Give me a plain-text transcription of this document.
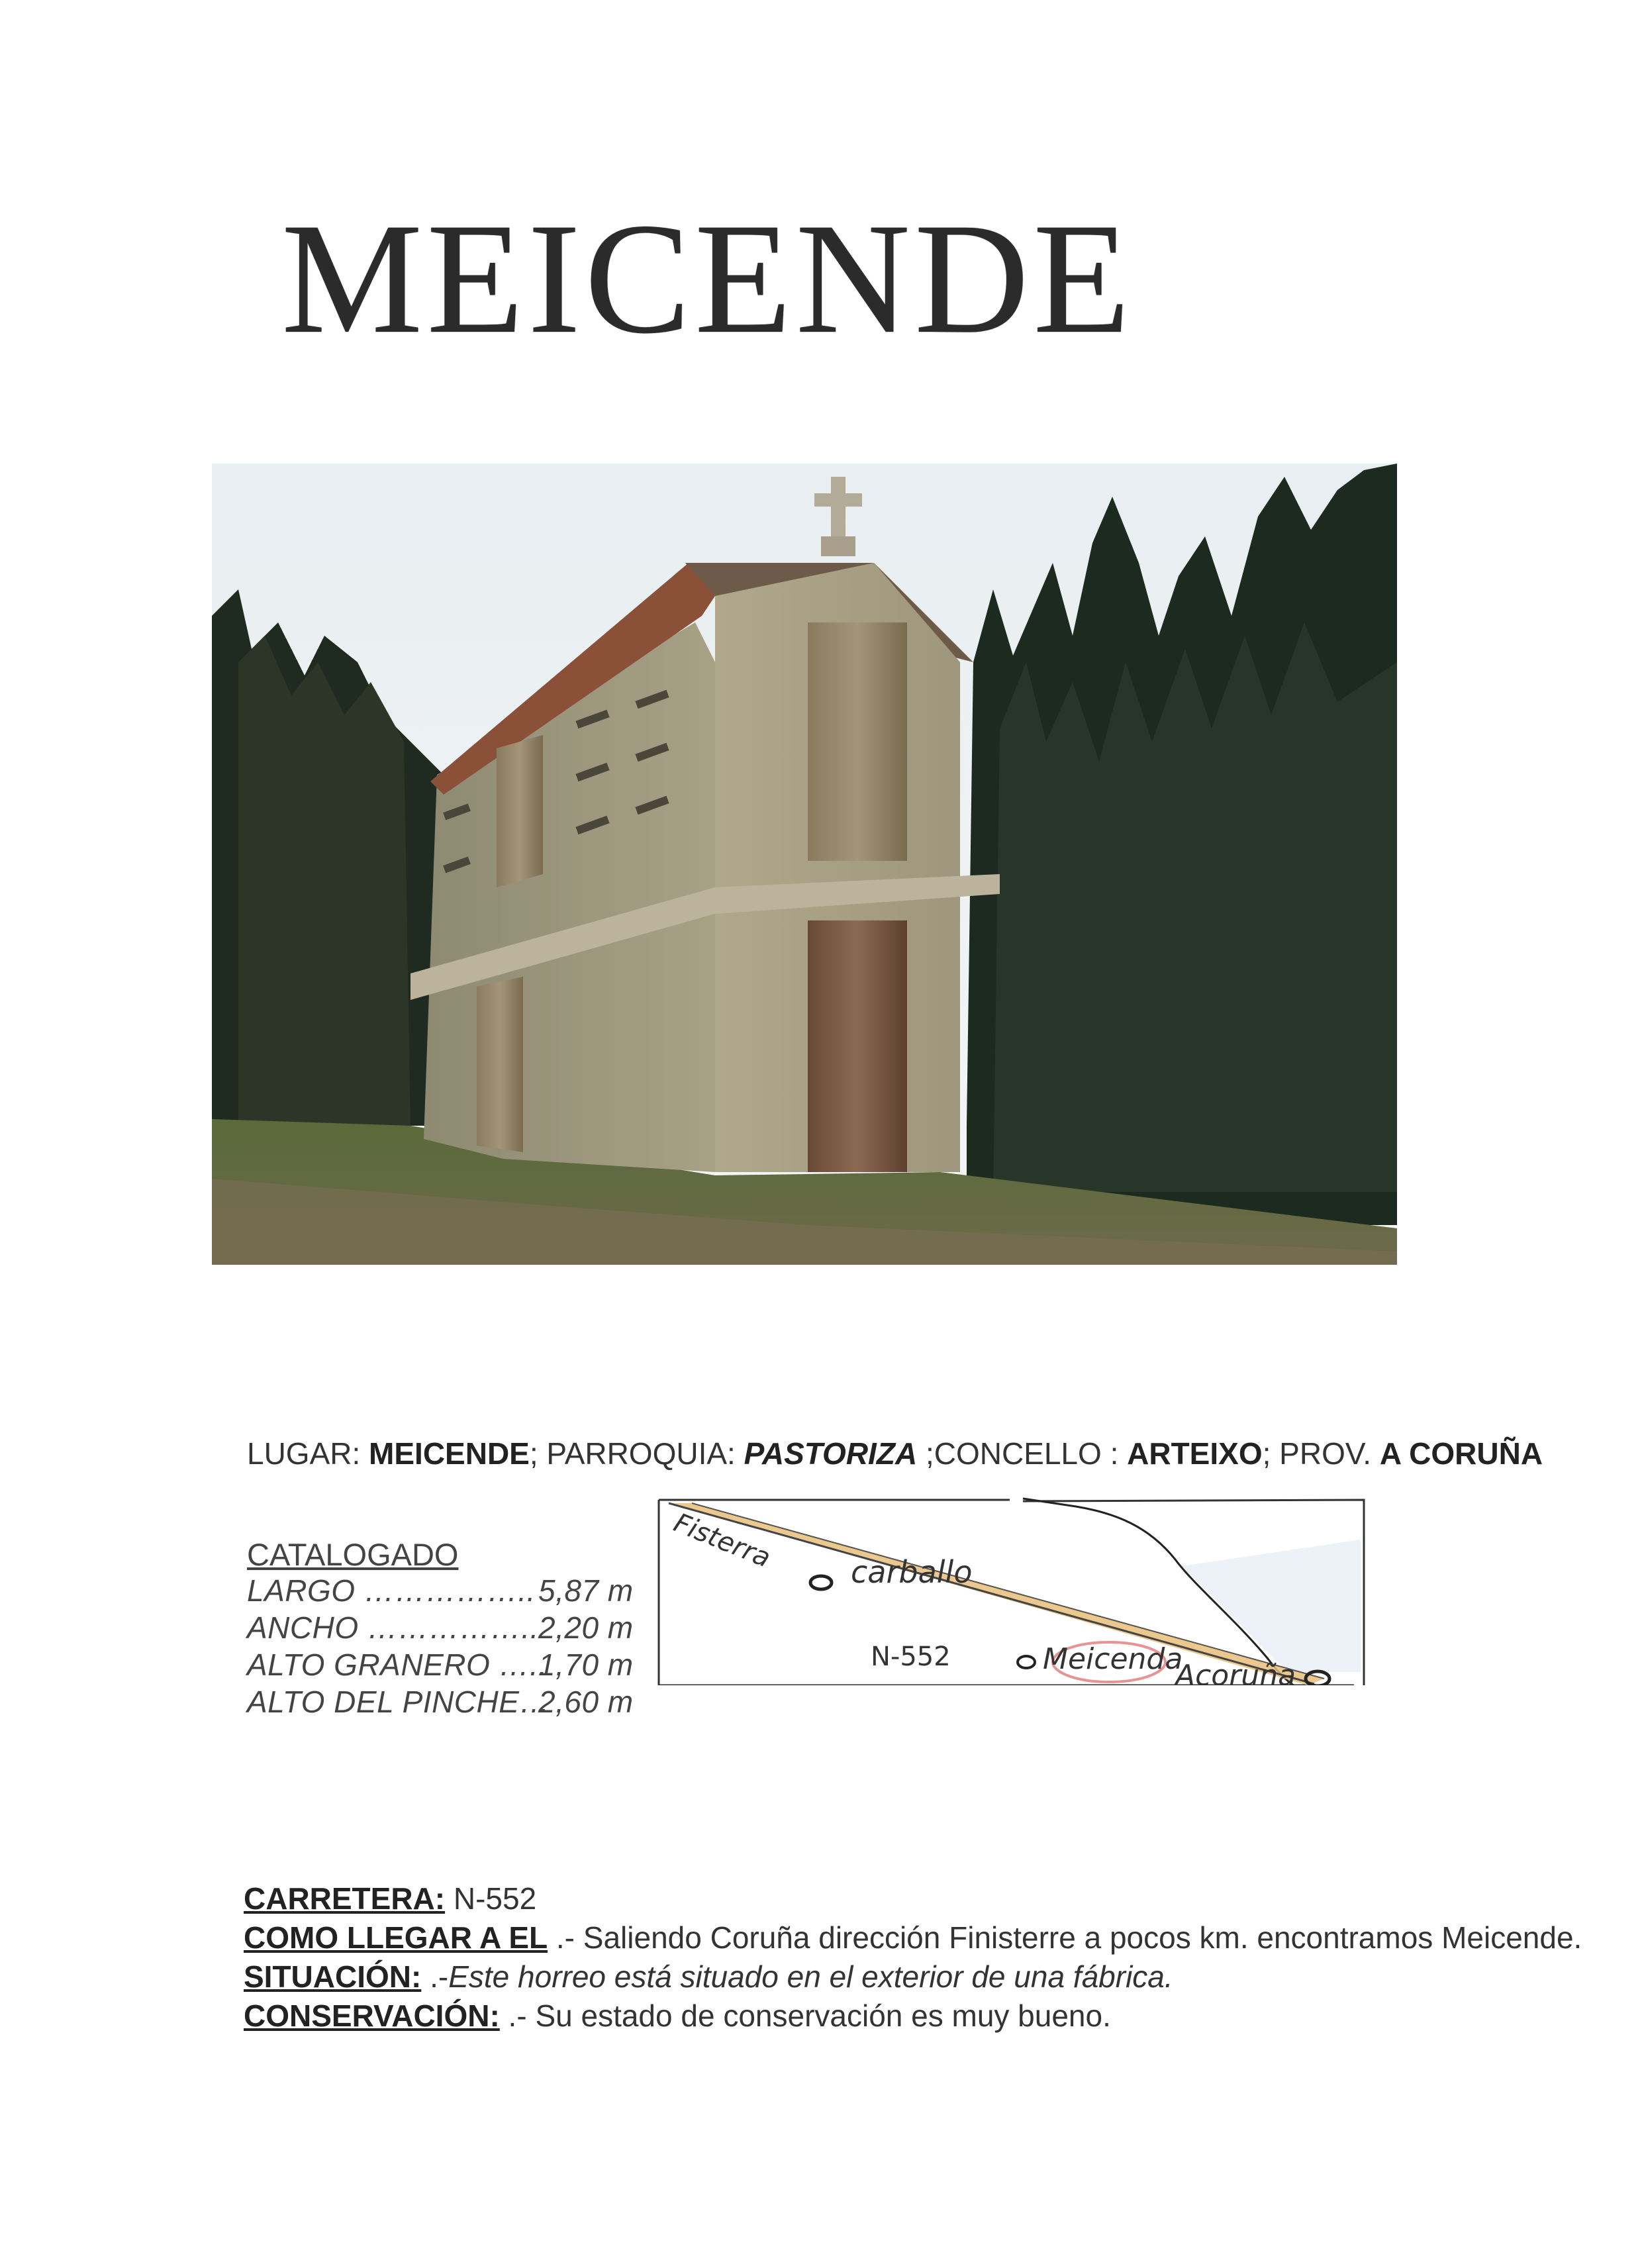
MEICENDE
LUGAR: MEICENDE; PARROQUIA: PASTORIZA ;CONCELLO : ARTEIXO; PROV. A CORUÑA
CATALOGADO
LARGO …………….. 5,87 m
ANCHO …………….. 2,20 m
ALTO GRANERO …..
1,70 m
ALTO DEL PINCHE…
2,60 m
Fisterra carballo
N-552	Meicenda
Acoruña
CARRETERA: N-552
COMO LLEGAR A EL .- Saliendo Coruña dirección Finisterre a pocos km. encontramos Meicende.
SITUACIÓN: .-Este horreo está situado en el exterior de una fábrica.
CONSERVACIÓN: .- Su estado de conservación es muy bueno.
